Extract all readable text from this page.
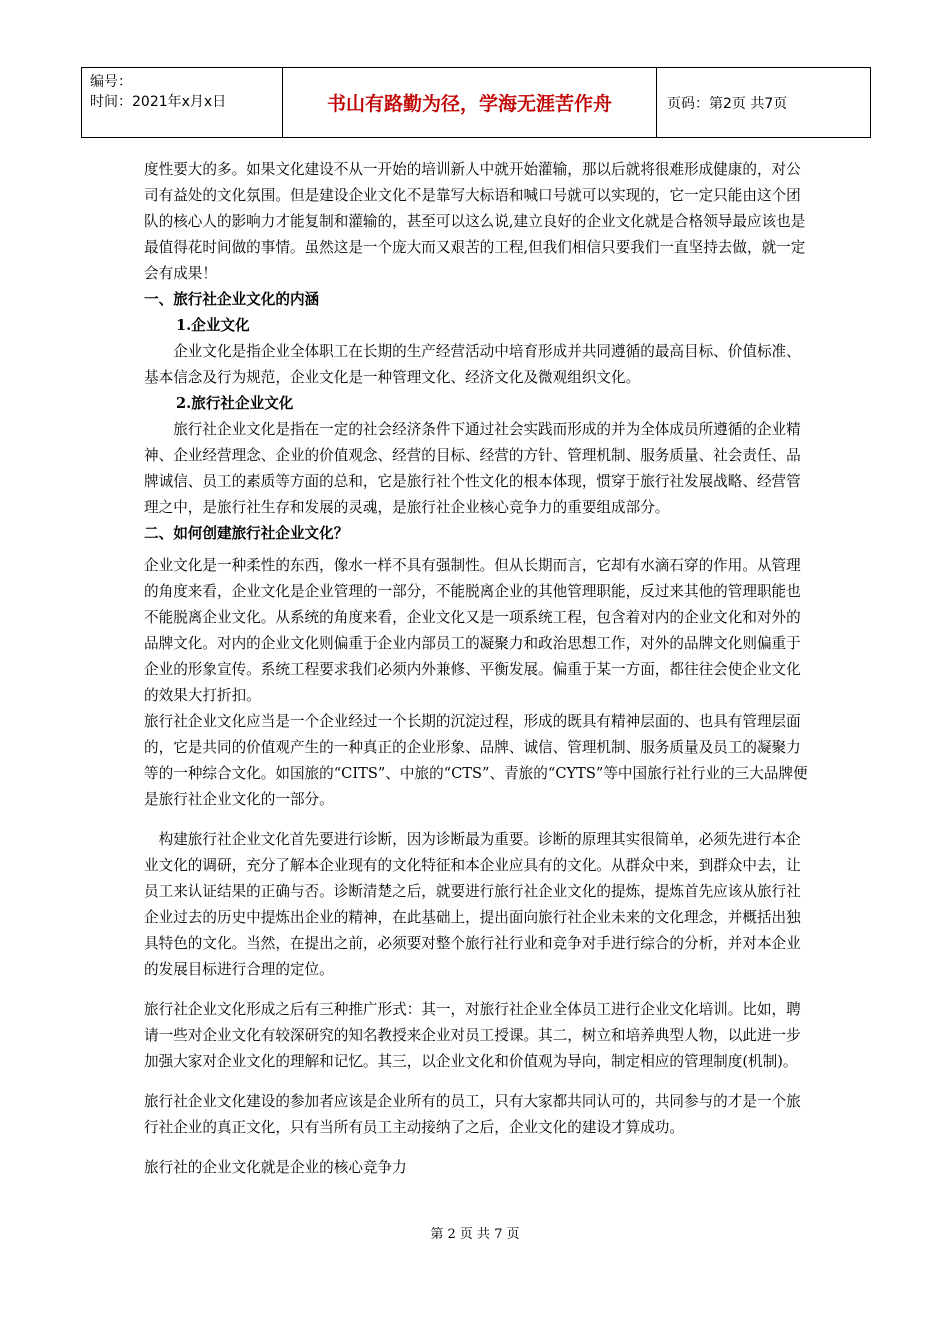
编号：
时间：2021年x月x日	书山有路勤为径，学海无涯苦作舟	页码：第2页 共7页

度性要大的多。如果文化建设不从一开始的培训新人中就开始灌输，那以后就将很难形成健康的，对公司有益处的文化氛围。但是建设企业文化不是靠写大标语和喊口号就可以实现的，它一定只能由这个团队的核心人的影响力才能复制和灌输的，甚至可以这么说,建立良好的企业文化就是合格领导最应该也是最值得花时间做的事情。虽然这是一个庞大而又艰苦的工程,但我们相信只要我们一直坚持去做，就一定会有成果！

一、旅行社企业文化的内涵

1.企业文化

企业文化是指企业全体职工在长期的生产经营活动中培育形成并共同遵循的最高目标、价值标准、基本信念及行为规范，企业文化是一种管理文化、经济文化及微观组织文化。

2.旅行社企业文化

旅行社企业文化是指在一定的社会经济条件下通过社会实践而形成的并为全体成员所遵循的企业精神、企业经营理念、企业的价值观念、经营的目标、经营的方针、管理机制、服务质量、社会责任、品牌诚信、员工的素质等方面的总和，它是旅行社个性文化的根本体现，惯穿于旅行社发展战略、经营管理之中，是旅行社生存和发展的灵魂，是旅行社企业核心竞争力的重要组成部分。

二、如何创建旅行社企业文化？

企业文化是一种柔性的东西，像水一样不具有强制性。但从长期而言，它却有水滴石穿的作用。从管理的角度来看，企业文化是企业管理的一部分，不能脱离企业的其他管理职能，反过来其他的管理职能也不能脱离企业文化。从系统的角度来看，企业文化又是一项系统工程，包含着对内的企业文化和对外的品牌文化。对内的企业文化则偏重于企业内部员工的凝聚力和政治思想工作，对外的品牌文化则偏重于企业的形象宣传。系统工程要求我们必须内外兼修、平衡发展。偏重于某一方面，都往往会使企业文化的效果大打折扣。

旅行社企业文化应当是一个企业经过一个长期的沉淀过程，形成的既具有精神层面的、也具有管理层面的，它是共同的价值观产生的一种真正的企业形象、品牌、诚信、管理机制、服务质量及员工的凝聚力等的一种综合文化。如国旅的“CITS”、中旅的“CTS”、青旅的“CYTS”等中国旅行社行业的三大品牌便是旅行社企业文化的一部分。

构建旅行社企业文化首先要进行诊断，因为诊断最为重要。诊断的原理其实很简单，必须先进行本企业文化的调研，充分了解本企业现有的文化特征和本企业应具有的文化。从群众中来，到群众中去，让员工来认证结果的正确与否。诊断清楚之后，就要进行旅行社企业文化的提炼，提炼首先应该从旅行社企业过去的历史中提炼出企业的精神，在此基础上，提出面向旅行社企业未来的文化理念，并概括出独具特色的文化。当然，在提出之前，必须要对整个旅行社行业和竞争对手进行综合的分析，并对本企业的发展目标进行合理的定位。

旅行社企业文化形成之后有三种推广形式：其一，对旅行社企业全体员工进行企业文化培训。比如，聘请一些对企业文化有较深研究的知名教授来企业对员工授课。其二，树立和培养典型人物，以此进一步加强大家对企业文化的理解和记忆。其三，以企业文化和价值观为导向，制定相应的管理制度(机制)。

旅行社企业文化建设的参加者应该是企业所有的员工，只有大家都共同认可的，共同参与的才是一个旅行社企业的真正文化，只有当所有员工主动接纳了之后，企业文化的建设才算成功。

旅行社的企业文化就是企业的核心竞争力

第 2 页 共 7 页
